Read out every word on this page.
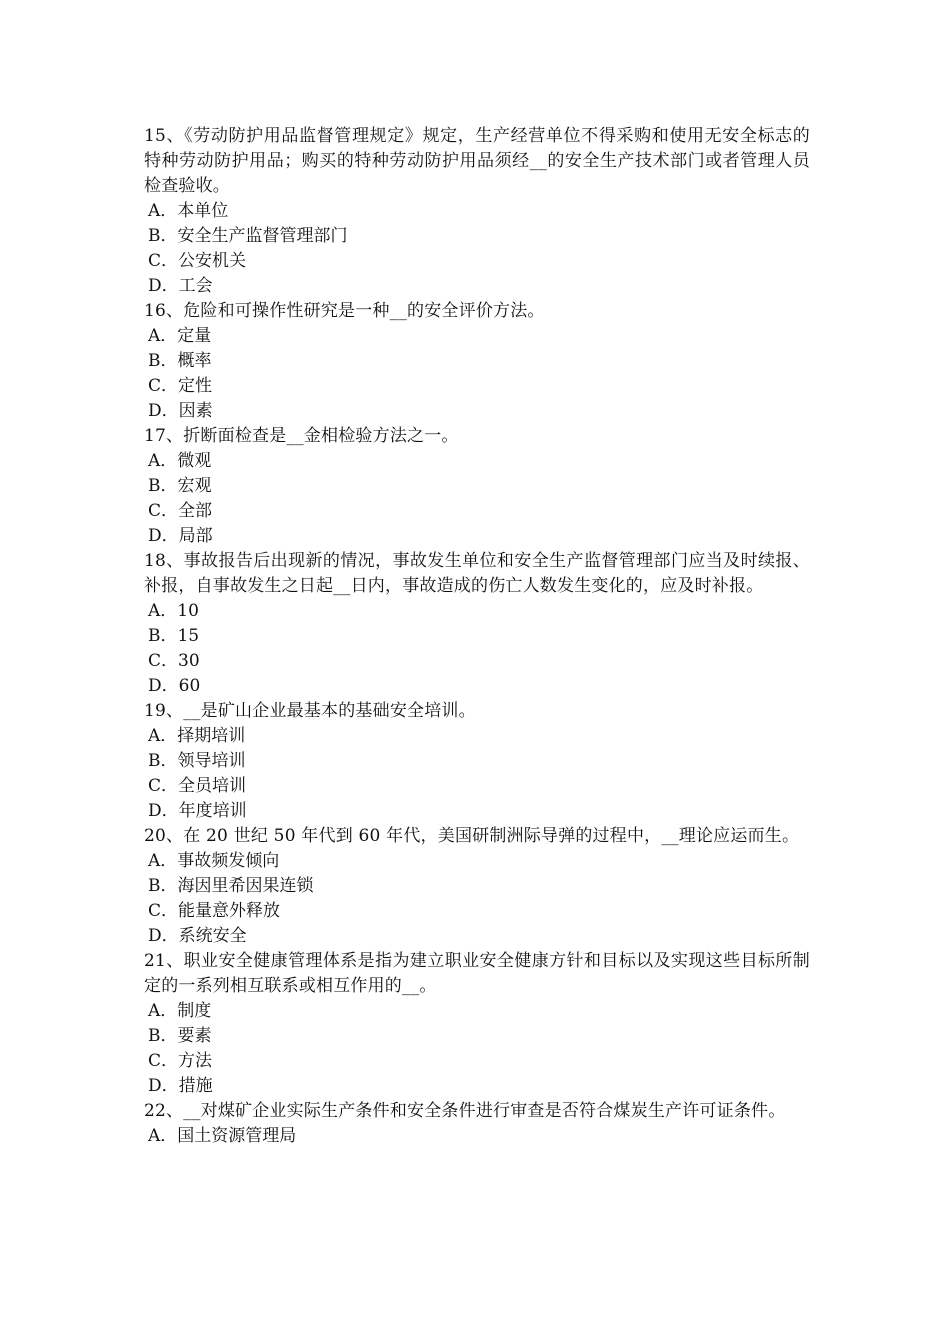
15、《劳动防护用品监督管理规定》规定，生产经营单位不得采购和使用无安全标志的特种劳动防护用品；购买的特种劳动防护用品须经__的安全生产技术部门或者管理人员检查验收。
A．本单位
B．安全生产监督管理部门
C．公安机关
D．工会
16、危险和可操作性研究是一种__的安全评价方法。
A．定量
B．概率
C．定性
D．因素
17、折断面检查是__金相检验方法之一。
A．微观
B．宏观
C．全部
D．局部
18、事故报告后出现新的情况，事故发生单位和安全生产监督管理部门应当及时续报、补报，自事故发生之日起__日内，事故造成的伤亡人数发生变化的，应及时补报。
A．10
B．15
C．30
D．60
19、__是矿山企业最基本的基础安全培训。
A．择期培训
B．领导培训
C．全员培训
D．年度培训
20、在 20 世纪 50 年代到 60 年代，美国研制洲际导弹的过程中，__理论应运而生。
A．事故频发倾向
B．海因里希因果连锁
C．能量意外释放
D．系统安全
21、职业安全健康管理体系是指为建立职业安全健康方针和目标以及实现这些目标所制定的一系列相互联系或相互作用的__。
A．制度
B．要素
C．方法
D．措施
22、__对煤矿企业实际生产条件和安全条件进行审查是否符合煤炭生产许可证条件。
A．国土资源管理局
